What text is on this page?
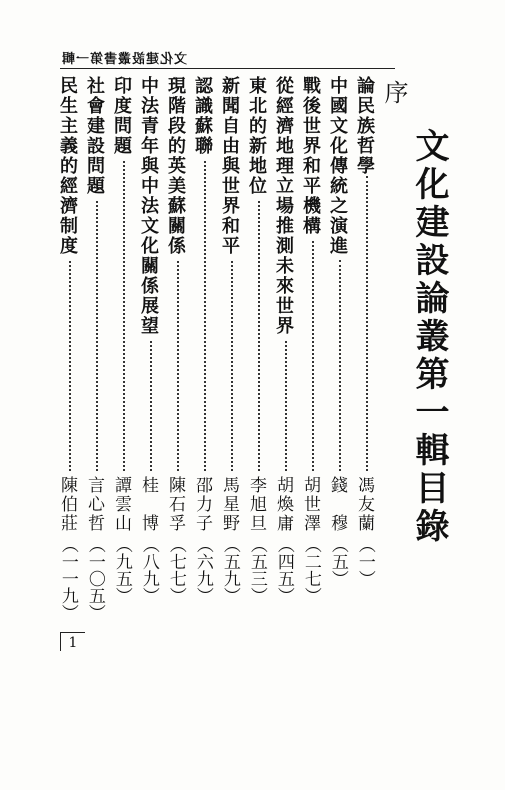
文化建設叢書第一輯
文化建設論叢第一輯目錄
序
論民族哲學
馮友蘭
（一）
中國文化傳統之演進
錢　穆
（五）
戰後世界和平機構
胡世澤
（二七）
從經濟地理立場推測未來世界
胡煥庸
（四五）
東北的新地位
李旭旦
（五三）
新聞自由與世界和平
馬星野
（五九）
認識蘇聯
邵力子
（六九）
現階段的英美蘇關係
陳石孚
（七七）
中法青年與中法文化關係展望
桂　博
（八九）
印度問題
譚雲山
（九五）
社會建設問題
言心哲
（一〇五）
民生主義的經濟制度
陳伯莊
（一一九）
1
